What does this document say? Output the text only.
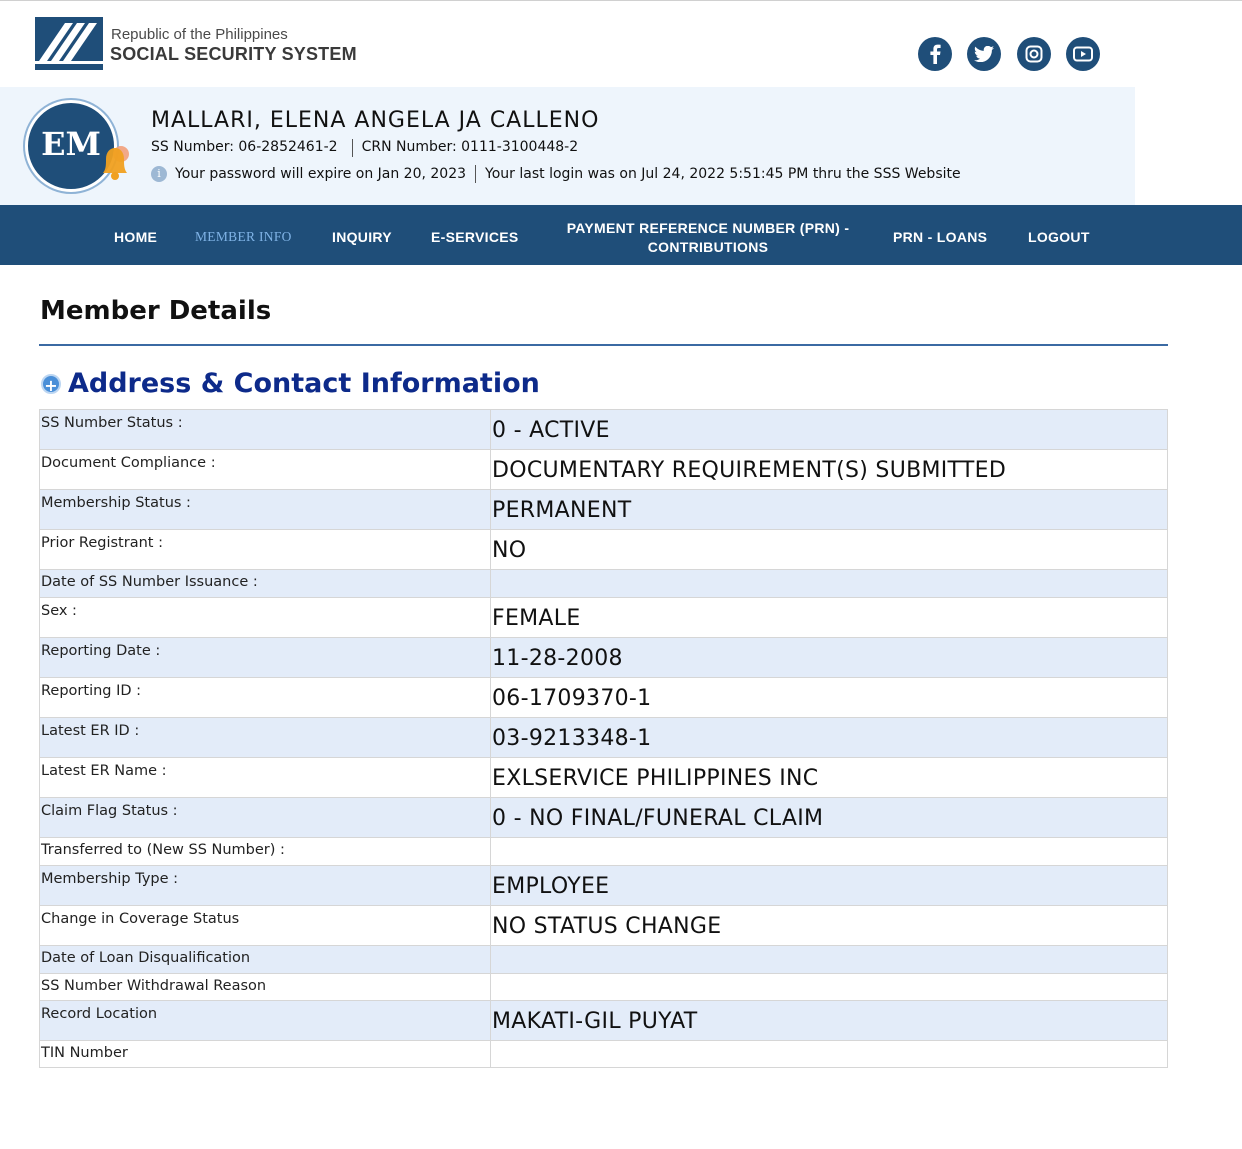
Republic of the Philippines
SOCIAL SECURITY SYSTEM
EM
MALLARI, ELENA ANGELA JA CALLENO
SS Number: 06-2852461-2 CRN Number: 0111-3100448-2
i	Your password will expire on Jan 20, 2023 Your last login was on Jul 24, 2022 5:51:45 PM thru the SSS Website
HOME	MEMBER INFO	INQUIRY	E-SERVICES
PAYMENT REFERENCE NUMBER (PRN) -
CONTRIBUTIONS
PRN - LOANS	LOGOUT
Member Details
+ Address & Contact Information
SS Number Status :	0 - ACTIVE
Document Compliance :	DOCUMENTARY REQUIREMENT(S) SUBMITTED
Membership Status :	PERMANENT
Prior Registrant :	NO
Date of SS Number Issuance :	
Sex :	FEMALE
Reporting Date :	11-28-2008
Reporting ID :	06-1709370-1
Latest ER ID :	03-9213348-1
Latest ER Name :	EXLSERVICE PHILIPPINES INC
Claim Flag Status :	0 - NO FINAL/FUNERAL CLAIM
Transferred to (New SS Number) :	
Membership Type :	EMPLOYEE
Change in Coverage Status	NO STATUS CHANGE
Date of Loan Disqualification	
SS Number Withdrawal Reason	
Record Location	MAKATI-GIL PUYAT
TIN Number	
